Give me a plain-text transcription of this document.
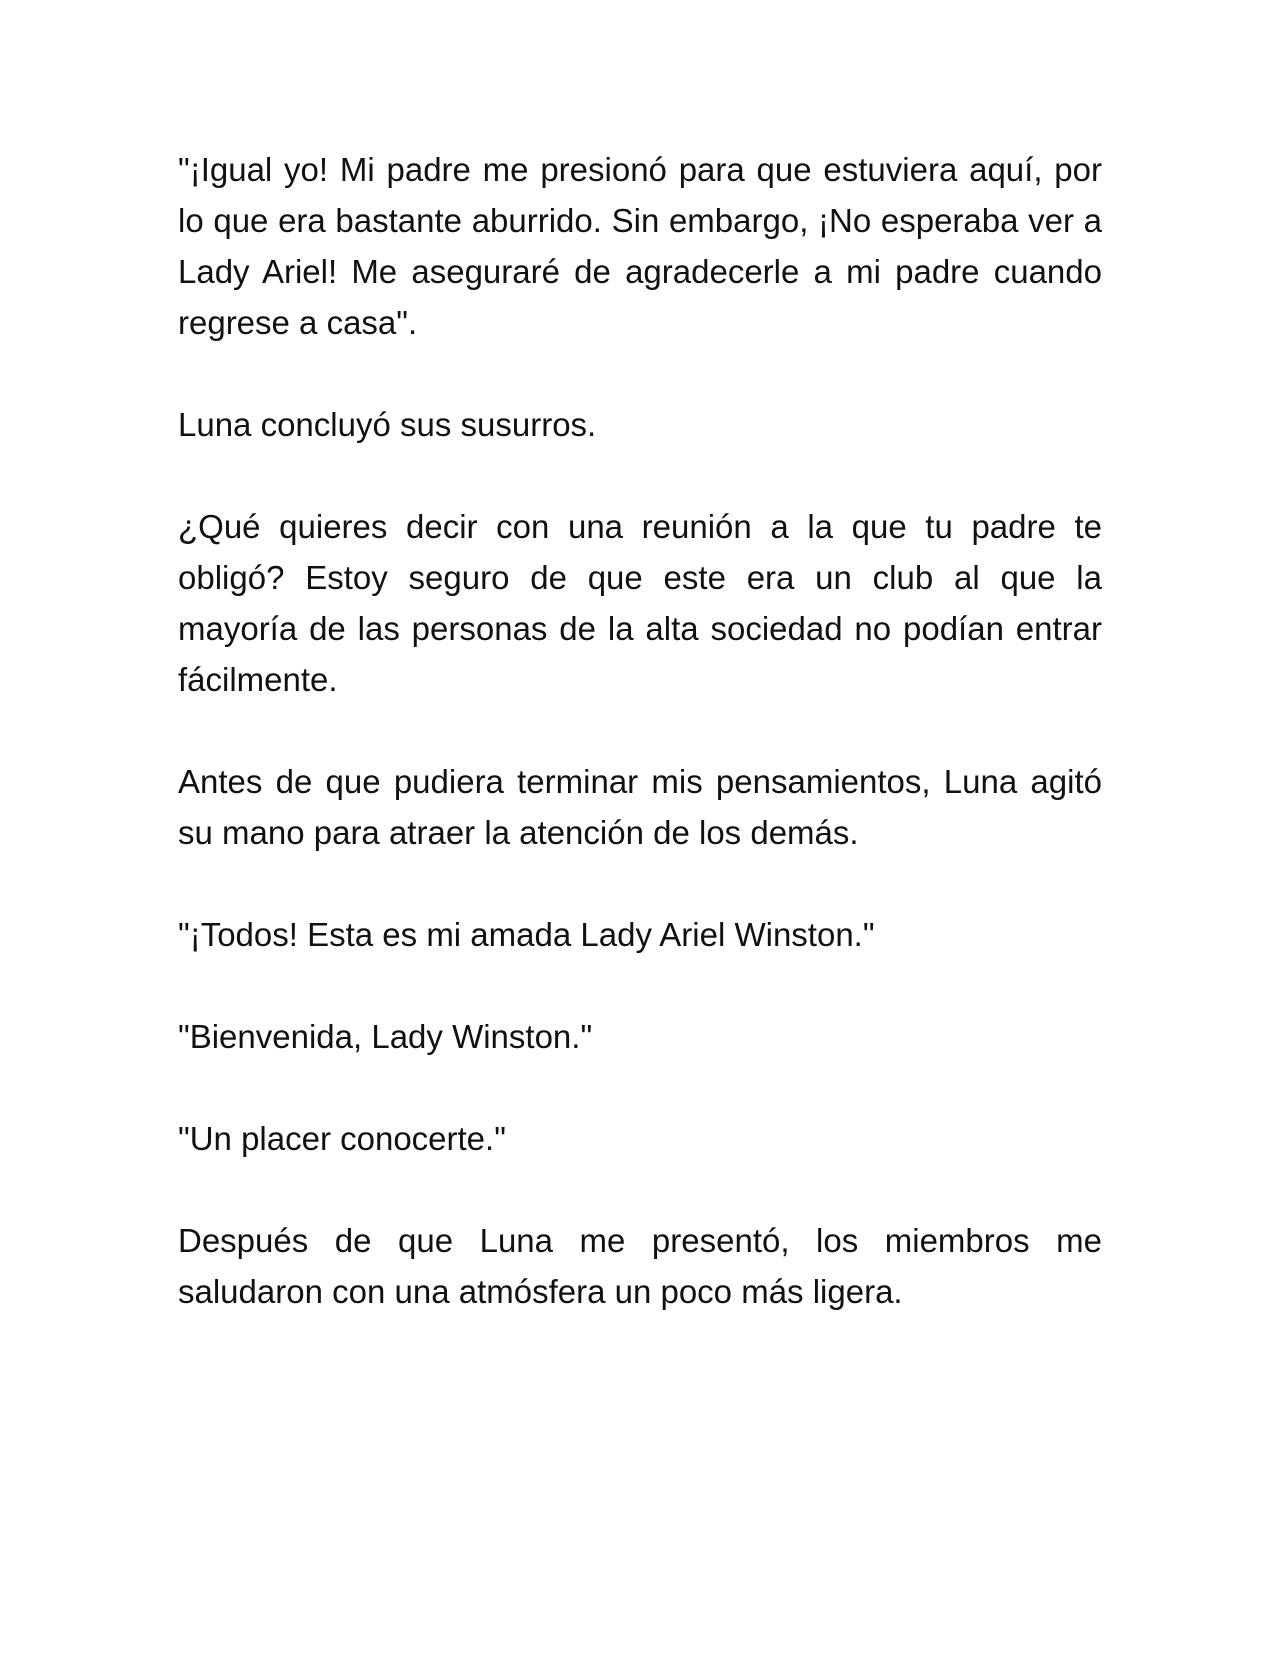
"¡Igual yo! Mi padre me presionó para que estuviera aquí, por lo que era bastante aburrido. Sin embargo, ¡No esperaba ver a Lady Ariel! Me aseguraré de agradecerle a mi padre cuando regrese a casa".

Luna concluyó sus susurros.

¿Qué quieres decir con una reunión a la que tu padre te obligó? Estoy seguro de que este era un club al que la mayoría de las personas de la alta sociedad no podían entrar fácilmente.

Antes de que pudiera terminar mis pensamientos, Luna agitó su mano para atraer la atención de los demás.

"¡Todos! Esta es mi amada Lady Ariel Winston."

"Bienvenida, Lady Winston."

"Un placer conocerte."

Después de que Luna me presentó, los miembros me saludaron con una atmósfera un poco más ligera.
